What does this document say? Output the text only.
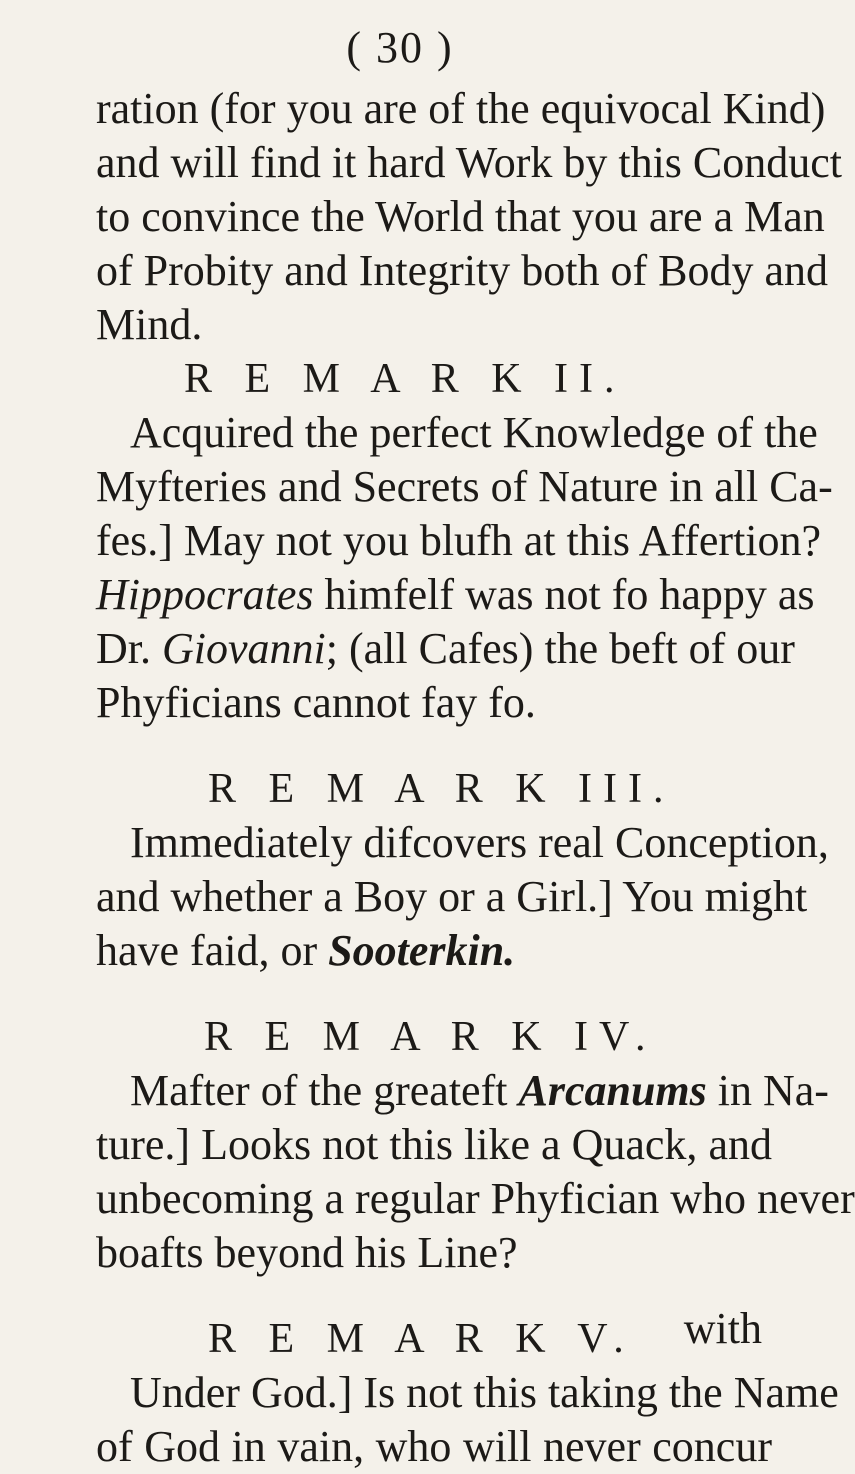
( 30 )
ration (for you are of the equivocal Kind)
and will find it hard Work by this Conduct
to convince the World that you are a Man
of Probity and Integrity both of Body and
Mind.
R E M A R K II.
Acquired the perfect Knowledge of the
Myfteries and Secrets of Nature in all Ca-
fes.] May not you blufh at this Affertion?
Hippocrates himfelf was not fo happy as
Dr. Giovanni; (all Cafes) the beft of our
Phyficians cannot fay fo.
R E M A R K III.
Immediately difcovers real Conception,
and whether a Boy or a Girl.] You might
have faid, or Sooterkin.
R E M A R K IV.
Mafter of the greateft Arcanums in Na-
ture.] Looks not this like a Quack, and
unbecoming a regular Phyfician who never
boafts beyond his Line?
R E M A R K V.
Under God.] Is not this taking the Name
of God in vain, who will never concur
with
